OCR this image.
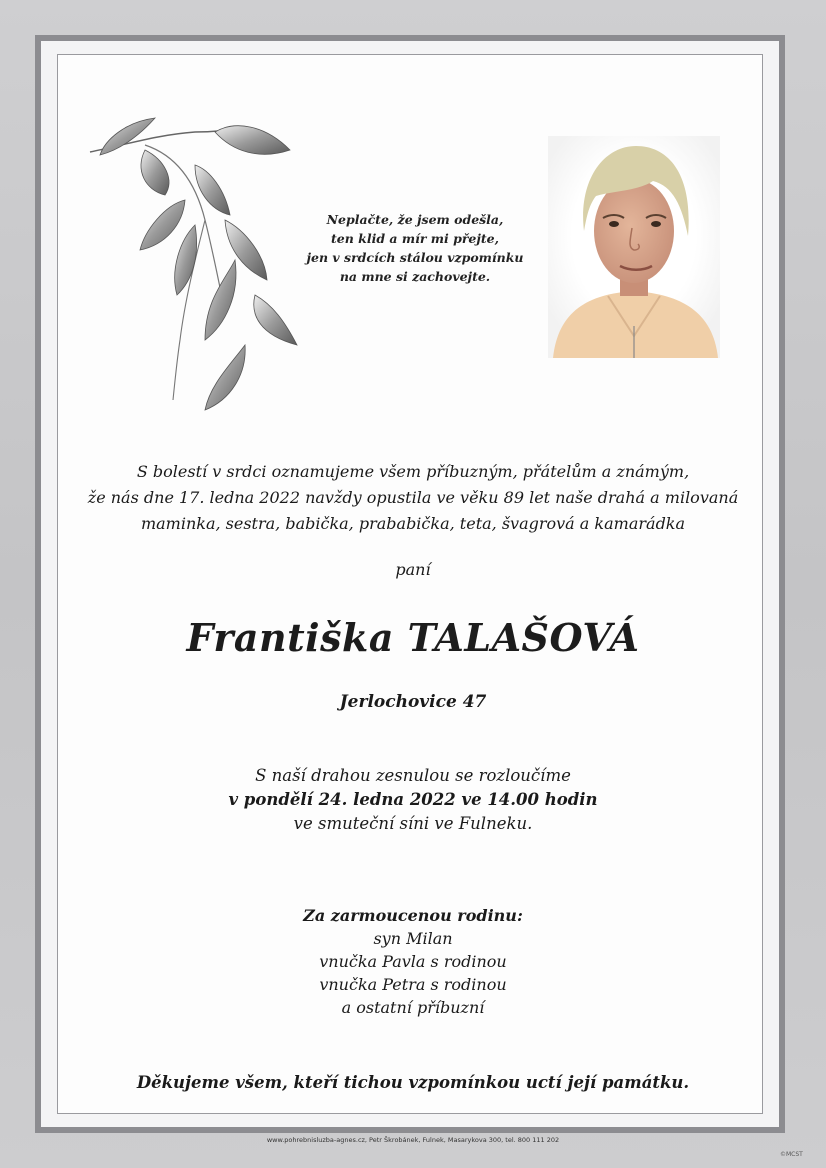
Neplačte, že jsem odešla,
ten klid a mír mi přejte,
jen v srdcích stálou vzpomínku
na mne si zachovejte.
S bolestí v srdci oznamujeme všem příbuzným, přátelům a známým,
že nás dne 17. ledna 2022 navždy opustila ve věku 89 let naše drahá a milovaná
maminka, sestra, babička, prababička, teta, švagrová a kamarádka
paní
Františka TALAŠOVÁ
Jerlochovice 47
S naší drahou zesnulou se rozloučíme
v pondělí 24. ledna 2022 ve 14.00 hodin
ve smuteční síni ve Fulneku.
Za zarmoucenou rodinu:
syn Milan
vnučka Pavla s rodinou
vnučka Petra s rodinou
a ostatní příbuzní
Děkujeme všem, kteří tichou vzpomínkou uctí její památku.
www.pohrebnisluzba-agnes.cz, Petr Škrobánek, Fulnek, Masarykova 300, tel. 800 111 202
©MCST
